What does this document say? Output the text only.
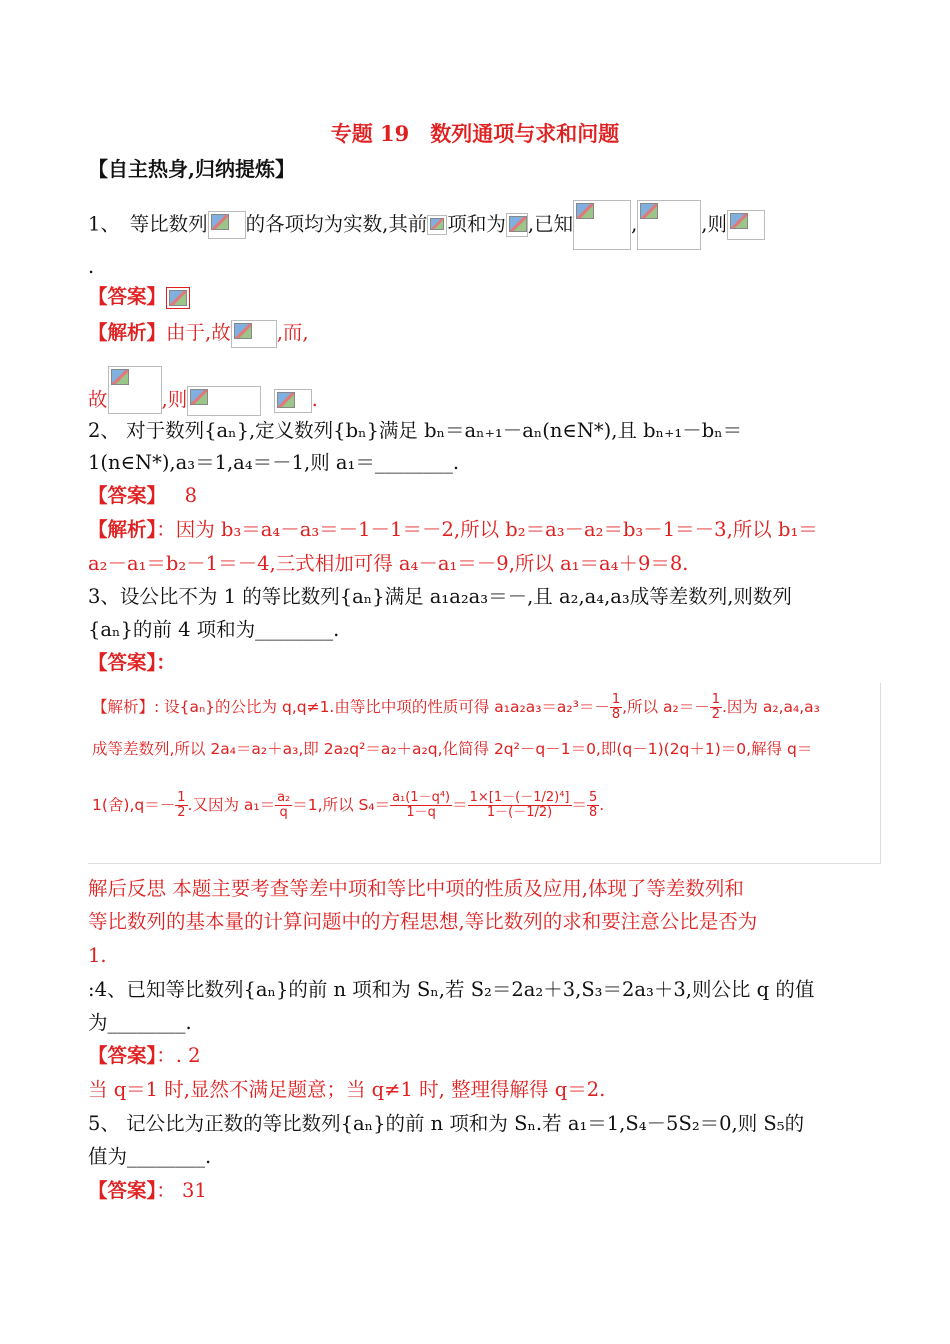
专题 19　数列通项与求和问题
【自主热身,归纳提炼】
1、　等比数列 的各项均为实数,其前 项和为 ,已知	,	,则
.
【答案】
【解析】由于,故 ,而,
故	,则
	.
2、 对于数列{aₙ},定义数列{bₙ}满足 bₙ＝aₙ₊₁－aₙ(n∈N*),且 bₙ₊₁－bₙ＝
1(n∈N*),a₃＝1,a₄＝－1,则 a₁＝________.
【答案】 8
【解析】：因为 b₃＝a₄－a₃＝－1－1＝－2,所以 b₂＝a₃－a₂＝b₃－1＝－3,所以 b₁＝
a₂－a₁＝b₂－1＝－4,三式相加可得 a₄－a₁＝－9,所以 a₁＝a₄＋9＝8.
3、设公比不为 1 的等比数列{aₙ}满足 a₁a₂a₃＝－,且 a₂,a₄,a₃成等差数列,则数列
{aₙ}的前 4 项和为________.
【答案】：
【解析】: 设{aₙ}的公比为 q,q≠1.由等比中项的性质可得 $a_1a_2a_3=a_2^3=- \frac{1}{8}$ ,所以 $a_2=- \frac{1}{2}$ .因为 a₂,a₄,a₃
成等差数列,所以 2a₄＝a₂＋a₃,即 2a₂q²＝a₂＋a₂q,化简得 2q²－q－1＝0,即(q－1)(2q＋1)＝0,解得 q＝
1(舍)$,q=- \frac{1}{2}$ .又因为 $a_1= \frac{\text{a₂}}{q} =1$,所以 $S_4= \frac{\text{a₁(1－q⁴)}}{1-q} = \frac{\text{1×[1－(－1/2)⁴]}}{1-(-1/2)} = \frac{5}{8}$ .
解后反思 本题主要考查等差中项和等比中项的性质及应用,体现了等差数列和
等比数列的基本量的计算问题中的方程思想,等比数列的求和要注意公比是否为
1.
:4、已知等比数列{aₙ}的前 n 项和为 Sₙ,若 S₂＝2a₂＋3,S₃＝2a₃＋3,则公比 q 的值
为________.
【答案】：. 2
当 q＝1 时,显然不满足题意；当 q≠1 时, 整理得解得 q＝2.
5、 记公比为正数的等比数列{aₙ}的前 n 项和为 Sₙ.若 a₁＝1,S₄－5S₂＝0,则 S₅的
值为________.
【答案】： 31
